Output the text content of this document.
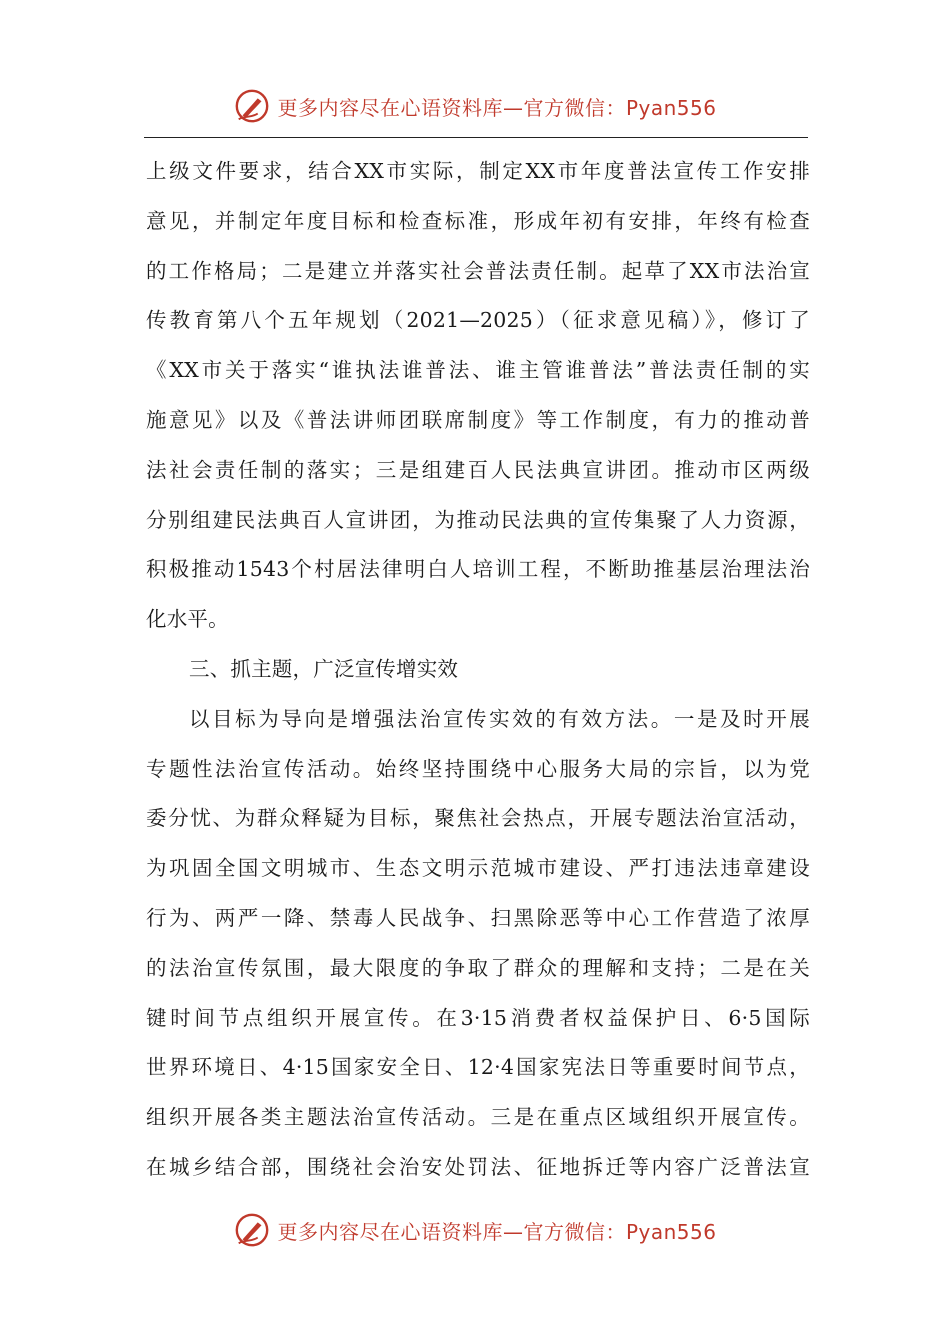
更多内容尽在心语资料库—官方微信：Pyan556
上级文件要求，结合XX市实际，制定XX市年度普法宣传工作安排
意见，并制定年度目标和检查标准，形成年初有安排，年终有检查
的工作格局；二是建立并落实社会普法责任制。起草了XX市法治宣
传教育第八个五年规划（2021—2025）（征求意见稿）》，修订了
《XX市关于落实“谁执法谁普法、谁主管谁普法”普法责任制的实
施意见》以及《普法讲师团联席制度》等工作制度，有力的推动普
法社会责任制的落实；三是组建百人民法典宣讲团。推动市区两级
分别组建民法典百人宣讲团，为推动民法典的宣传集聚了人力资源，
积极推动1543个村居法律明白人培训工程，不断助推基层治理法治
化水平。
三、抓主题，广泛宣传增实效
以目标为导向是增强法治宣传实效的有效方法。一是及时开展
专题性法治宣传活动。始终坚持围绕中心服务大局的宗旨，以为党
委分忧、为群众释疑为目标，聚焦社会热点，开展专题法治宣活动，
为巩固全国文明城市、生态文明示范城市建设、严打违法违章建设
行为、两严一降、禁毒人民战争、扫黑除恶等中心工作营造了浓厚
的法治宣传氛围，最大限度的争取了群众的理解和支持；二是在关
键时间节点组织开展宣传。在3·15消费者权益保护日、6·5国际
世界环境日、4·15国家安全日、12·4国家宪法日等重要时间节点，
组织开展各类主题法治宣传活动。三是在重点区域组织开展宣传。
在城乡结合部，围绕社会治安处罚法、征地拆迁等内容广泛普法宣
更多内容尽在心语资料库—官方微信：Pyan556
